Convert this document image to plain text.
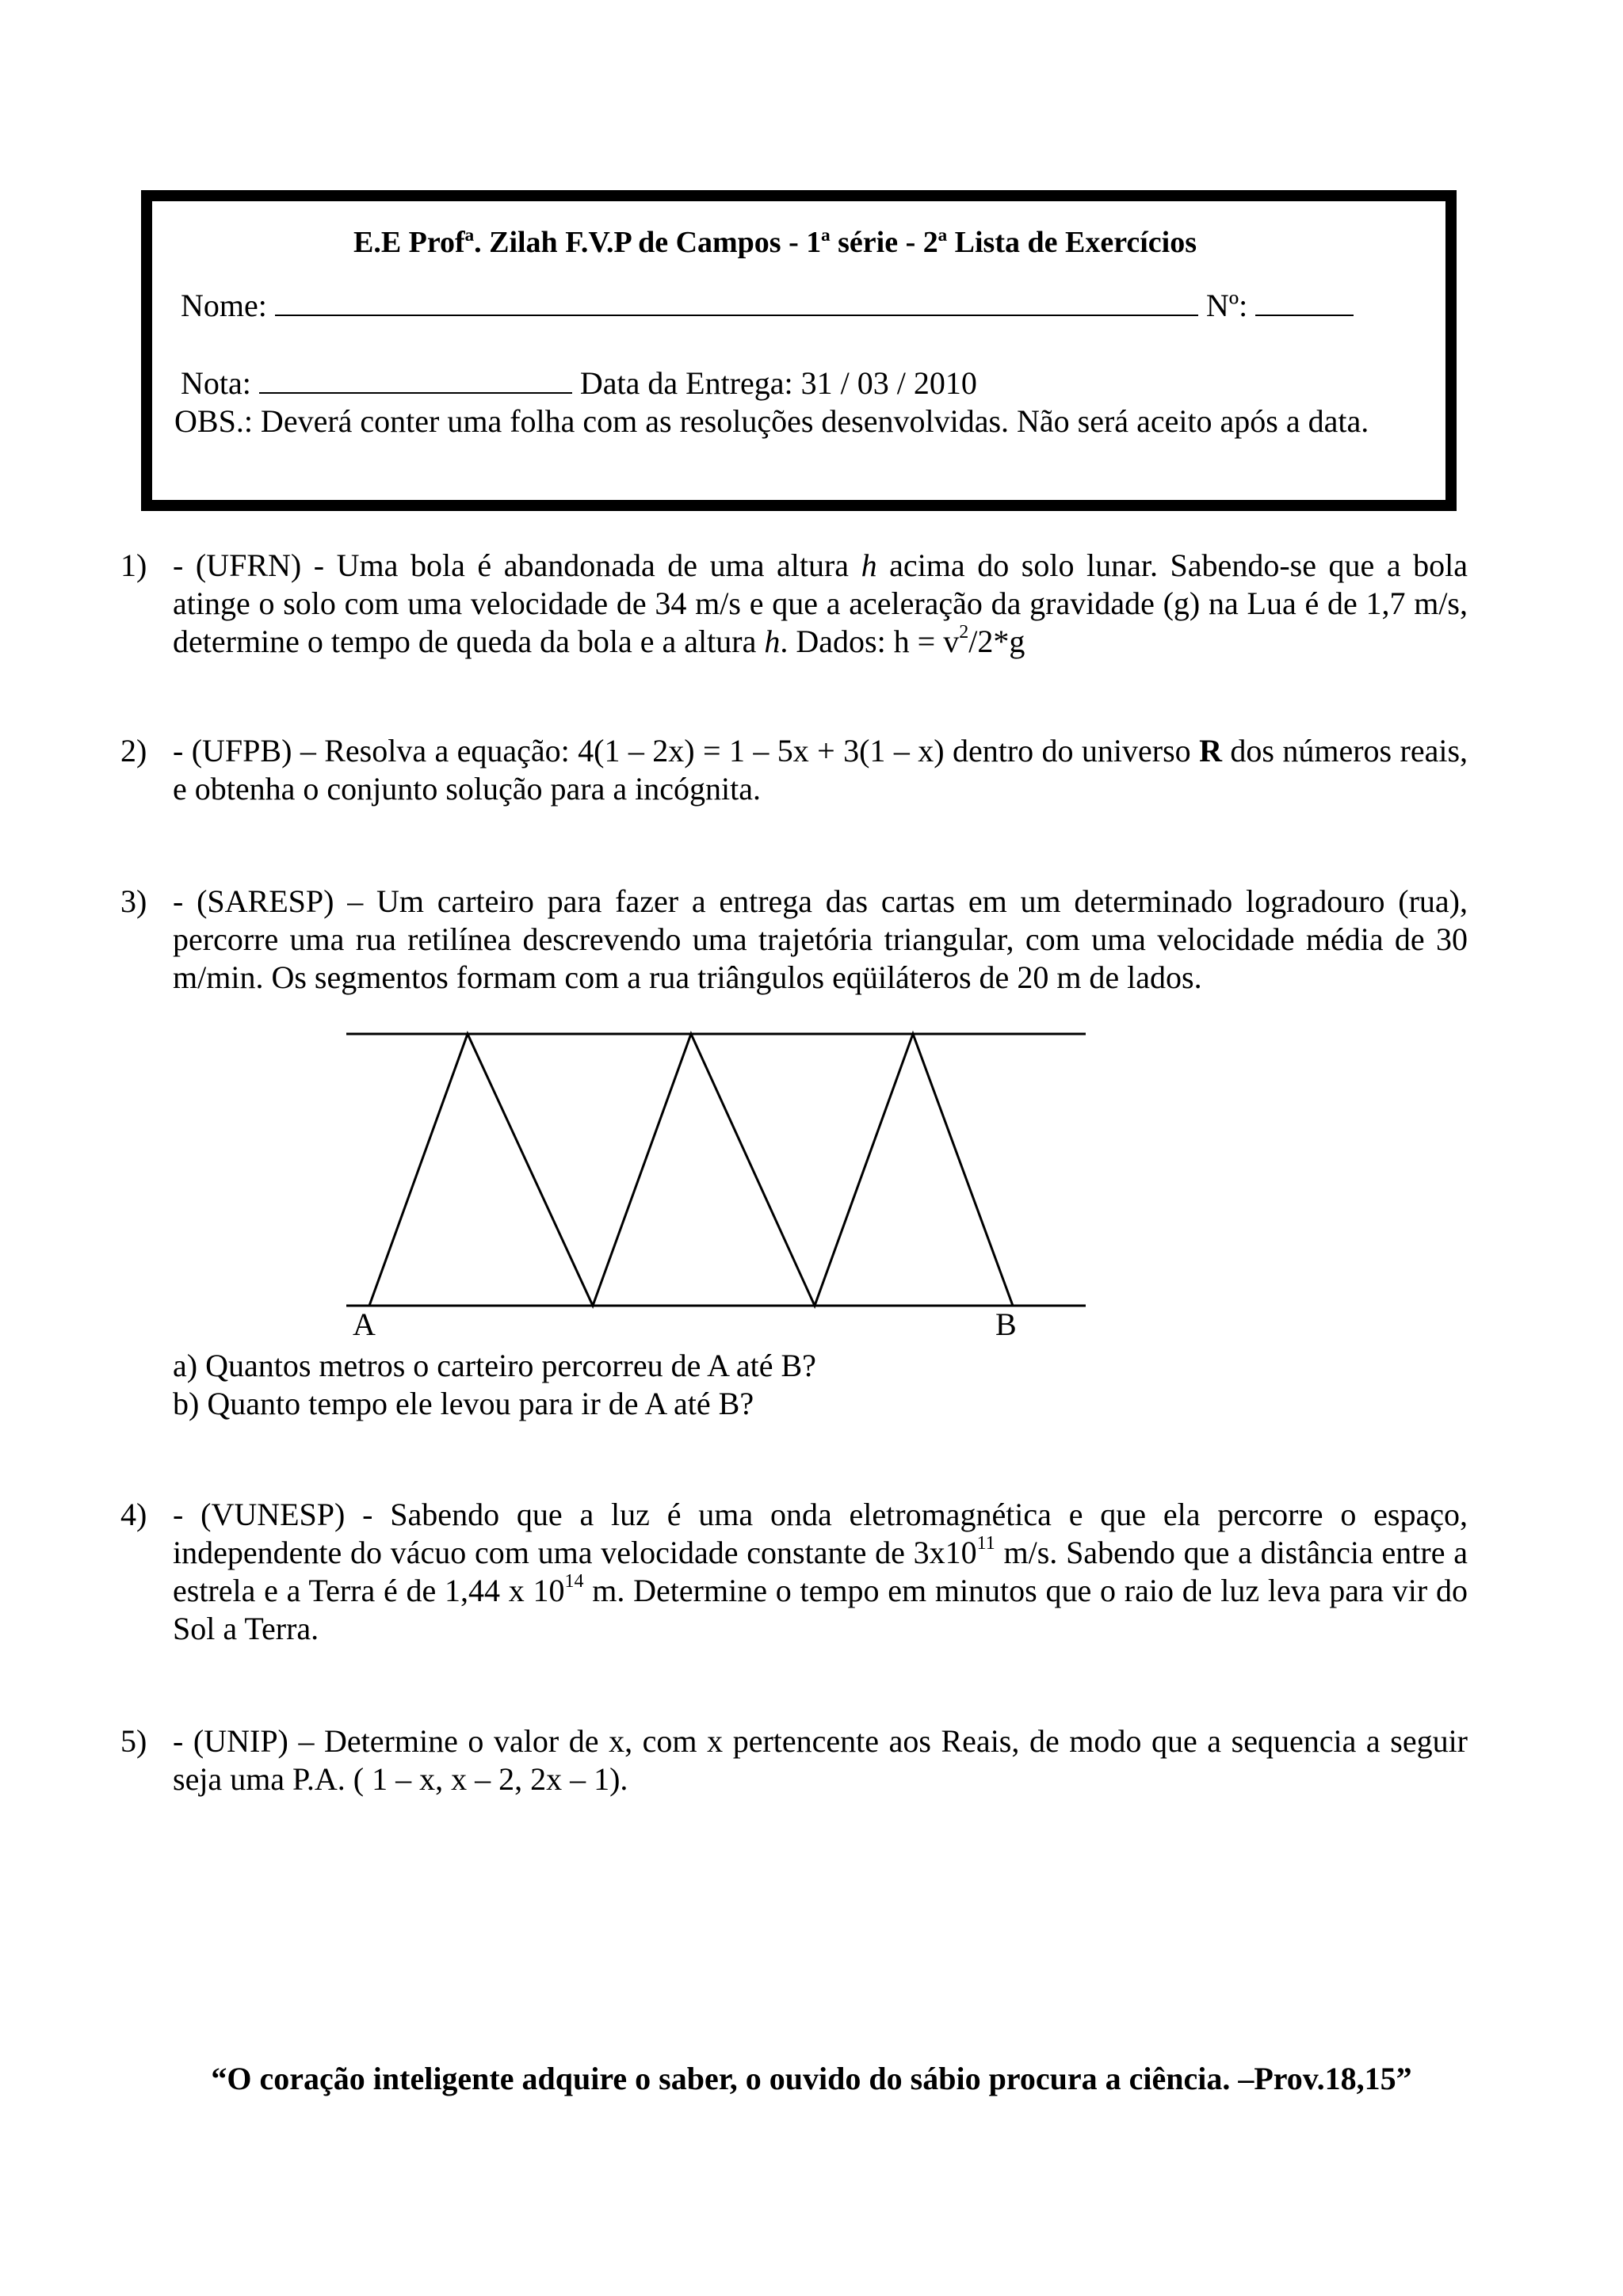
E.E Profª. Zilah F.V.P de Campos - 1ª série - 2ª Lista de Exercícios
Nome:	Nº:
Nota:	Data da Entrega: 31 / 03 / 2010
OBS.: Deverá conter uma folha com as resoluções desenvolvidas. Não será aceito após a data.
1) - (UFRN) - Uma bola é abandonada de uma altura h acima do solo lunar. Sabendo-se que a bola atinge o solo com uma velocidade de 34 m/s e que a aceleração da gravidade (g) na Lua é de 1,7 m/s, determine o tempo de queda da bola e a altura h. Dados: $h = v^2/2*g$
2) - (UFPB) – Resolva a equação: 4(1 – 2x) = 1 – 5x + 3(1 – x) dentro do universo R dos números reais, e obtenha o conjunto solução para a incógnita.
3) - (SARESP) – Um carteiro para fazer a entrega das cartas em um determinado logradouro (rua), percorre uma rua retilínea descrevendo uma trajetória triangular, com uma velocidade média de 30 m/min. Os segmentos formam com a rua triângulos eqüiláteros de 20 m de lados.
A	B
a) Quantos metros o carteiro percorreu de A até B?
b) Quanto tempo ele levou para ir de A até B?
4) - (VUNESP) - Sabendo que a luz é uma onda eletromagnética e que ela percorre o espaço, independente do vácuo com uma velocidade constante de $3x10^{11}$ m/s. Sabendo que a distância entre a estrela e a Terra é de 1,44 x $10^{14}$ m. Determine o tempo em minutos que o raio de luz leva para vir do Sol a Terra.
5) - (UNIP) – Determine o valor de x, com x pertencente aos Reais, de modo que a sequencia a seguir seja uma P.A. ( 1 – x, x – 2, 2x – 1).
“O coração inteligente adquire o saber, o ouvido do sábio procura a ciência. –Prov.18,15”
